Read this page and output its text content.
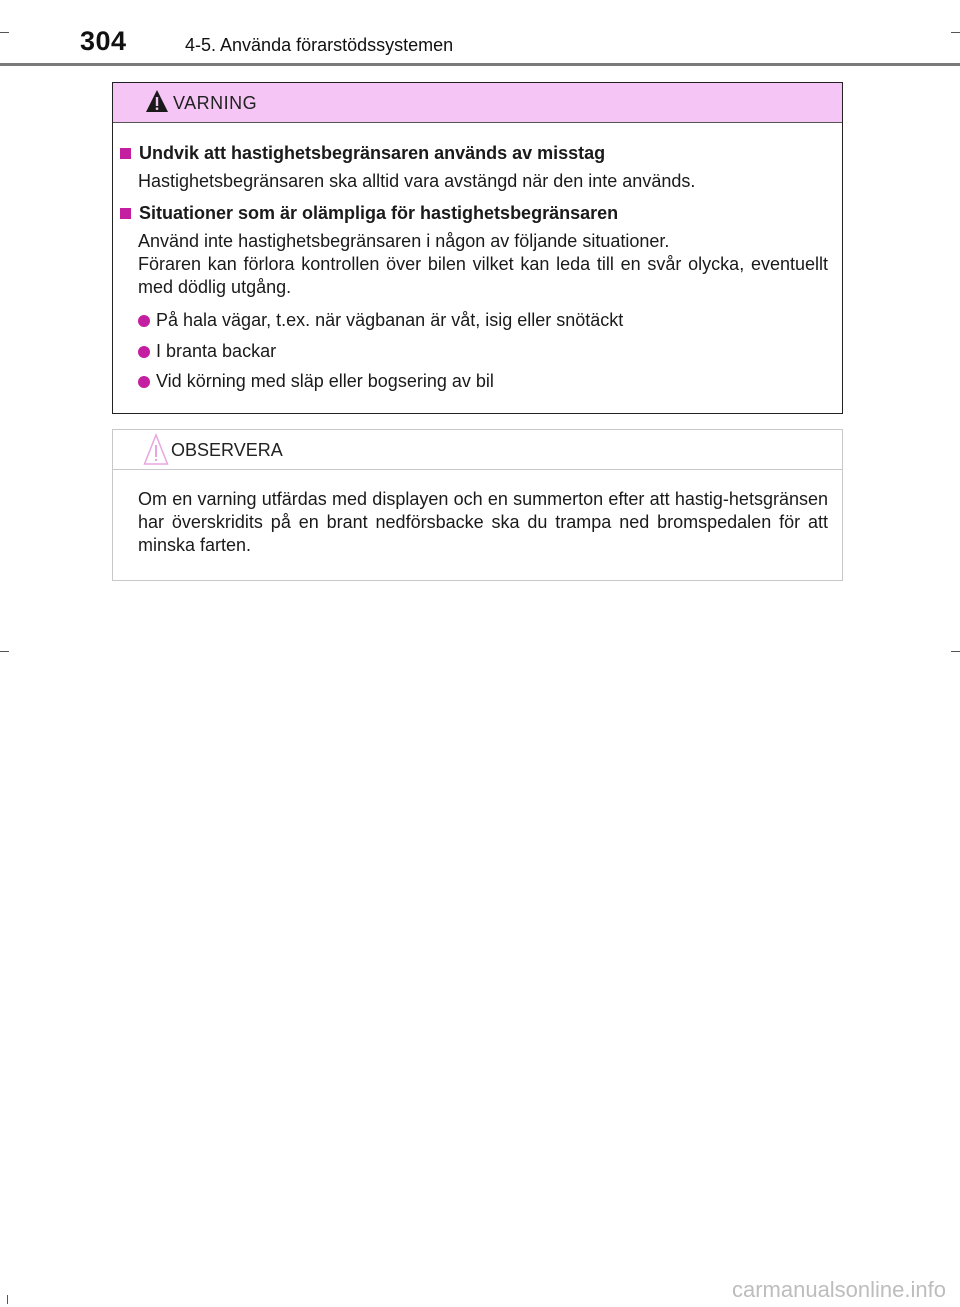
304	4-5. Använda förarstödssystemen
VARNING
Undvik att hastighetsbegränsaren används av misstag
Hastighetsbegränsaren ska alltid vara avstängd när den inte används.
Situationer som är olämpliga för hastighetsbegränsaren
Använd inte hastighetsbegränsaren i någon av följande situationer.
Föraren kan förlora kontrollen över bilen vilket kan leda till en svår olycka, eventuellt med dödlig utgång.
På hala vägar, t.ex. när vägbanan är våt, isig eller snötäckt
I branta backar
Vid körning med släp eller bogsering av bil
OBSERVERA
Om en varning utfärdas med displayen och en summerton efter att hastig-hetsgränsen har överskridits på en brant nedförsbacke ska du trampa ned bromspedalen för att minska farten.
carmanualsonline.info
